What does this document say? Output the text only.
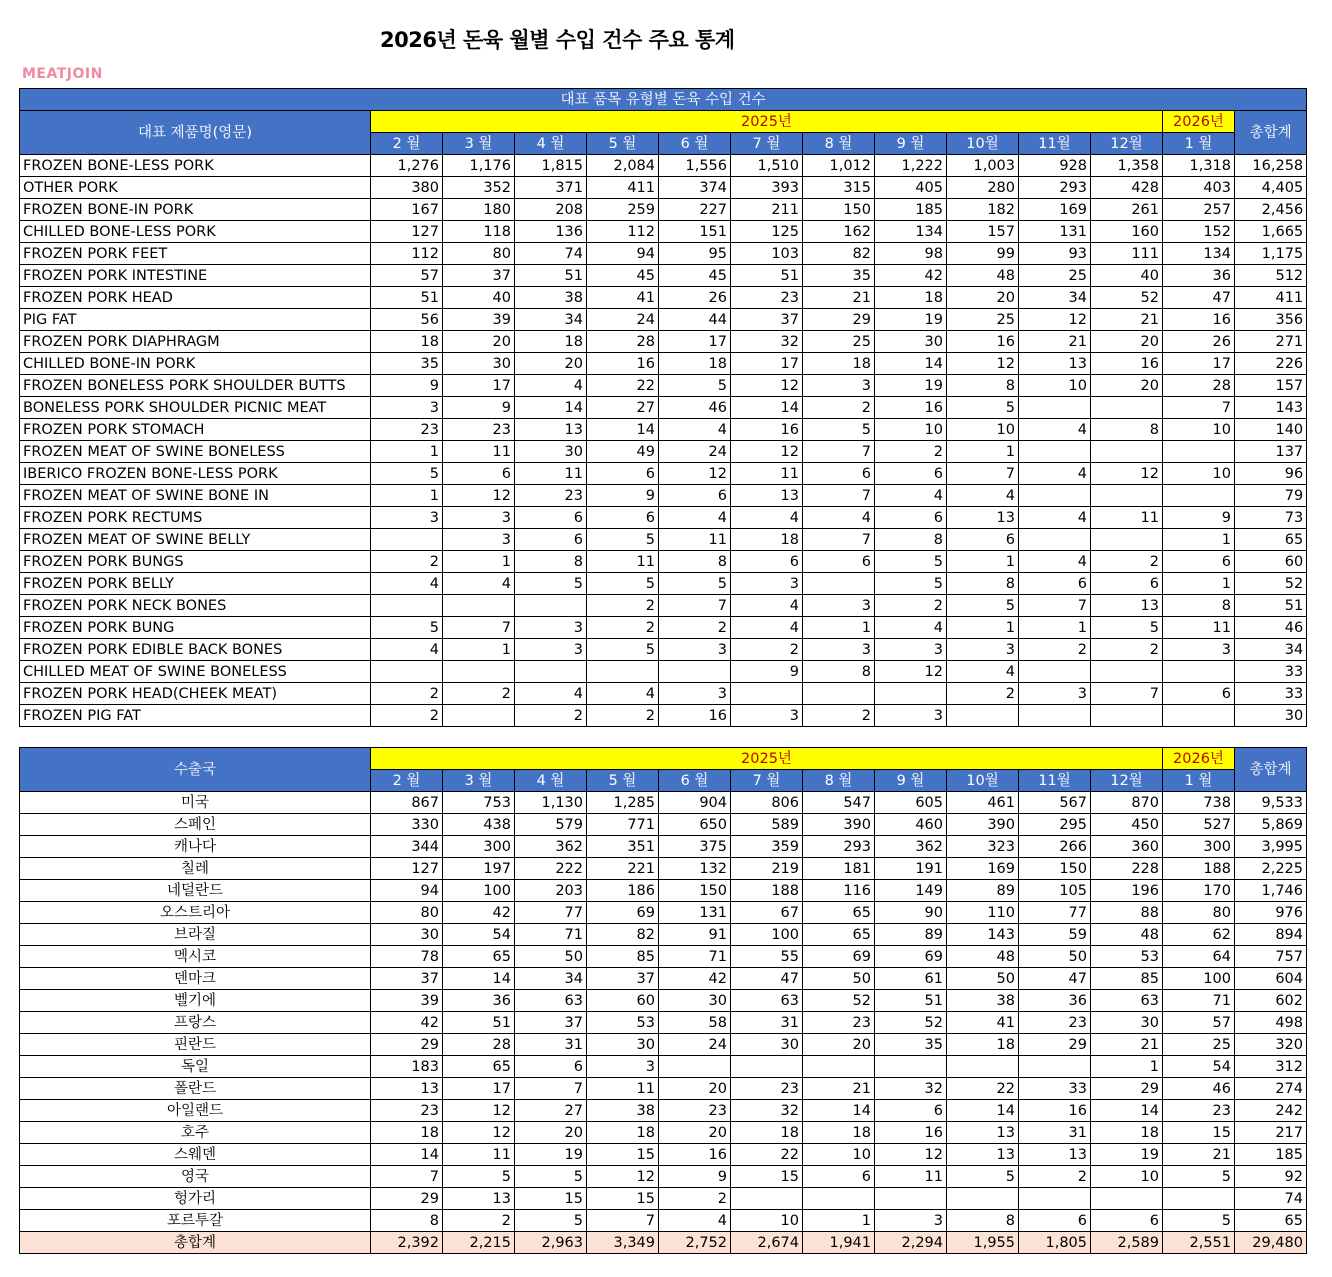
2026년 돈육 월별 수입 건수 주요 통계
MEATJOIN
대표 품목 유형별 돈육 수입 건수													
대표 제품명(영문)	2025년											2026년	총합계
	2 월	3 월	4 월	5 월	6 월	7 월	8 월	9 월	10월	11월	12월	1 월	
FROZEN BONE-LESS PORK	1,276	1,176	1,815	2,084	1,556	1,510	1,012	1,222	1,003	928	1,358	1,318	16,258
OTHER PORK	380	352	371	411	374	393	315	405	280	293	428	403	4,405
FROZEN BONE-IN PORK	167	180	208	259	227	211	150	185	182	169	261	257	2,456
CHILLED BONE-LESS PORK	127	118	136	112	151	125	162	134	157	131	160	152	1,665
FROZEN PORK FEET	112	80	74	94	95	103	82	98	99	93	111	134	1,175
FROZEN PORK INTESTINE	57	37	51	45	45	51	35	42	48	25	40	36	512
FROZEN PORK HEAD	51	40	38	41	26	23	21	18	20	34	52	47	411
PIG FAT	56	39	34	24	44	37	29	19	25	12	21	16	356
FROZEN PORK DIAPHRAGM	18	20	18	28	17	32	25	30	16	21	20	26	271
CHILLED BONE-IN PORK	35	30	20	16	18	17	18	14	12	13	16	17	226
FROZEN BONELESS PORK SHOULDER BUTTS	9	17	4	22	5	12	3	19	8	10	20	28	157
BONELESS PORK SHOULDER PICNIC MEAT	3	9	14	27	46	14	2	16	5			7	143
FROZEN PORK STOMACH	23	23	13	14	4	16	5	10	10	4	8	10	140
FROZEN MEAT OF SWINE BONELESS	1	11	30	49	24	12	7	2	1				137
IBERICO FROZEN BONE-LESS PORK	5	6	11	6	12	11	6	6	7	4	12	10	96
FROZEN MEAT OF SWINE BONE IN	1	12	23	9	6	13	7	4	4				79
FROZEN PORK RECTUMS	3	3	6	6	4	4	4	6	13	4	11	9	73
FROZEN MEAT OF SWINE BELLY		3	6	5	11	18	7	8	6			1	65
FROZEN PORK BUNGS	2	1	8	11	8	6	6	5	1	4	2	6	60
FROZEN PORK BELLY	4	4	5	5	5	3		5	8	6	6	1	52
FROZEN PORK NECK BONES				2	7	4	3	2	5	7	13	8	51
FROZEN PORK BUNG	5	7	3	2	2	4	1	4	1	1	5	11	46
FROZEN PORK EDIBLE BACK BONES	4	1	3	5	3	2	3	3	3	2	2	3	34
CHILLED MEAT OF SWINE BONELESS						9	8	12	4				33
FROZEN PORK HEAD(CHEEK MEAT)	2	2	4	4	3				2	3	7	6	33
FROZEN PIG FAT	2		2	2	16	3	2	3					30
수출국	2025년											2026년	총합계
	2 월	3 월	4 월	5 월	6 월	7 월	8 월	9 월	10월	11월	12월	1 월	
미국	867	753	1,130	1,285	904	806	547	605	461	567	870	738	9,533
스페인	330	438	579	771	650	589	390	460	390	295	450	527	5,869
캐나다	344	300	362	351	375	359	293	362	323	266	360	300	3,995
칠레	127	197	222	221	132	219	181	191	169	150	228	188	2,225
네덜란드	94	100	203	186	150	188	116	149	89	105	196	170	1,746
오스트리아	80	42	77	69	131	67	65	90	110	77	88	80	976
브라질	30	54	71	82	91	100	65	89	143	59	48	62	894
멕시코	78	65	50	85	71	55	69	69	48	50	53	64	757
덴마크	37	14	34	37	42	47	50	61	50	47	85	100	604
벨기에	39	36	63	60	30	63	52	51	38	36	63	71	602
프랑스	42	51	37	53	58	31	23	52	41	23	30	57	498
핀란드	29	28	31	30	24	30	20	35	18	29	21	25	320
독일	183	65	6	3							1	54	312
폴란드	13	17	7	11	20	23	21	32	22	33	29	46	274
아일랜드	23	12	27	38	23	32	14	6	14	16	14	23	242
호주	18	12	20	18	20	18	18	16	13	31	18	15	217
스웨덴	14	11	19	15	16	22	10	12	13	13	19	21	185
영국	7	5	5	12	9	15	6	11	5	2	10	5	92
헝가리	29	13	15	15	2								74
포르투갈	8	2	5	7	4	10	1	3	8	6	6	5	65
총합계	2,392	2,215	2,963	3,349	2,752	2,674	1,941	2,294	1,955	1,805	2,589	2,551	29,480
